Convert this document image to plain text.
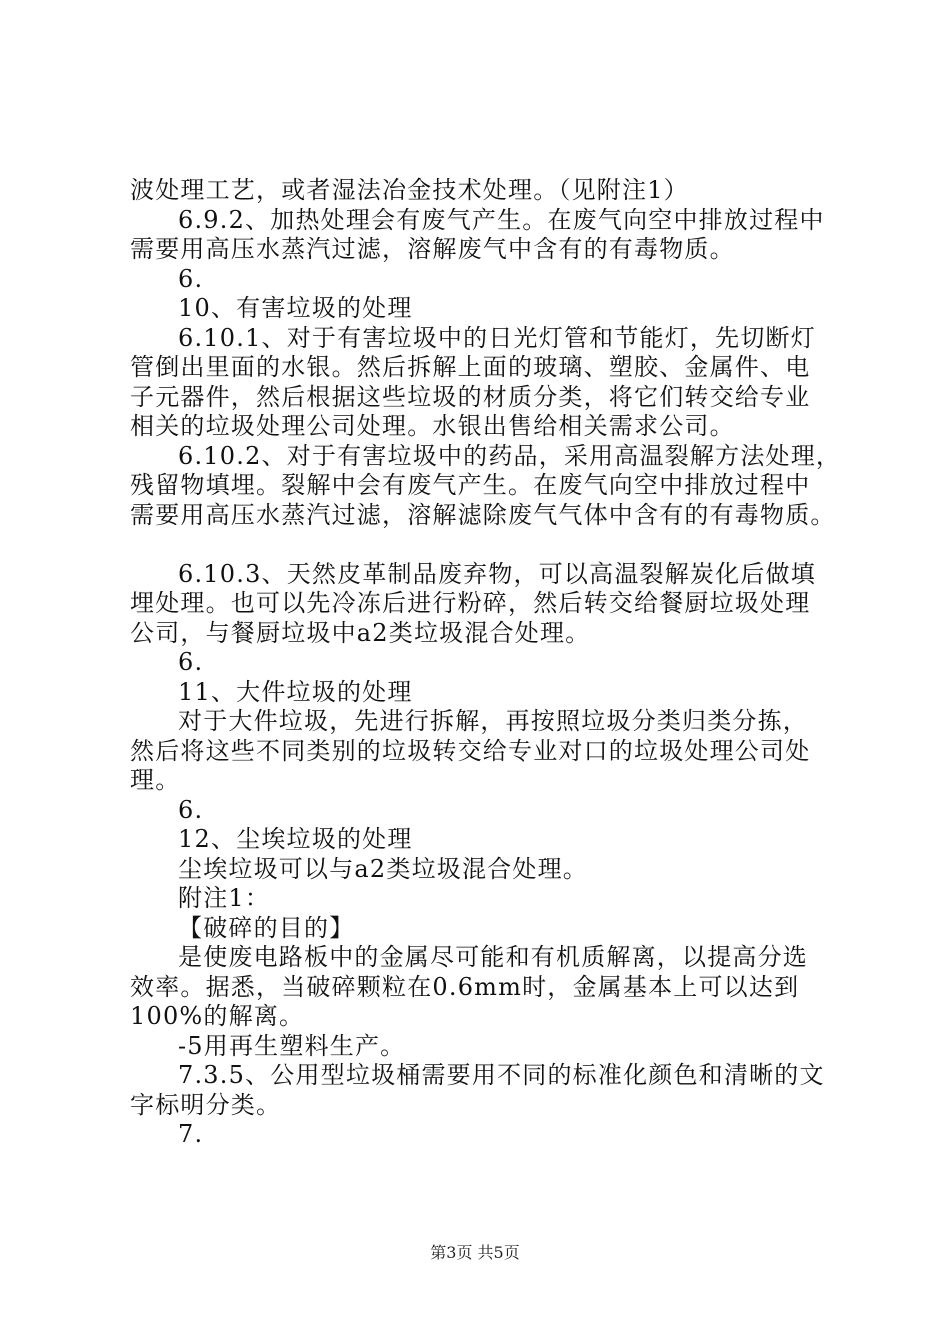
波处理工艺，或者湿法冶金技术处理。（见附注1）
6.9.2、加热处理会有废气产生。在废气向空中排放过程中
需要用高压水蒸汽过滤，溶解废气中含有的有毒物质。
6.
10、有害垃圾的处理
6.10.1、对于有害垃圾中的日光灯管和节能灯，先切断灯
管倒出里面的水银。然后拆解上面的玻璃、塑胶、金属件、电
子元器件，然后根据这些垃圾的材质分类，将它们转交给专业
相关的垃圾处理公司处理。水银出售给相关需求公司。
6.10.2、对于有害垃圾中的药品，采用高温裂解方法处理，
残留物填埋。裂解中会有废气产生。在废气向空中排放过程中
需要用高压水蒸汽过滤，溶解滤除废气气体中含有的有毒物质。
6.10.3、天然皮革制品废弃物，可以高温裂解炭化后做填
埋处理。也可以先冷冻后进行粉碎，然后转交给餐厨垃圾处理
公司，与餐厨垃圾中a2类垃圾混合处理。
6.
11、大件垃圾的处理
对于大件垃圾，先进行拆解，再按照垃圾分类归类分拣，
然后将这些不同类别的垃圾转交给专业对口的垃圾处理公司处
理。
6.
12、尘埃垃圾的处理
尘埃垃圾可以与a2类垃圾混合处理。
附注1：
【破碎的目的】
是使废电路板中的金属尽可能和有机质解离，以提高分选
效率。据悉，当破碎颗粒在0.6mm时，金属基本上可以达到
100%的解离。
-5用再生塑料生产。
7.3.5、公用型垃圾桶需要用不同的标准化颜色和清晰的文
字标明分类。
7.
第3页 共5页
